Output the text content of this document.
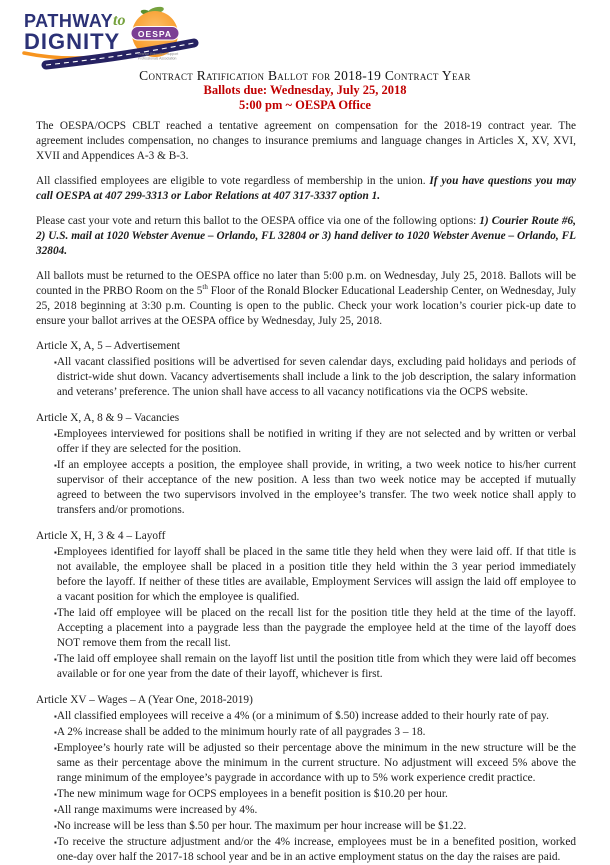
PATHWAY to
DIGNITY OESPA
Orange Education Support
Professionals Association
Contract Ratification Ballot for 2018-19 Contract Year
Ballots due: Wednesday, July 25, 2018
5:00 pm ~ OESPA Office

The OESPA/OCPS CBLT reached a tentative agreement on compensation for the 2018-19 contract year. The agreement includes compensation, no changes to insurance premiums and language changes in Articles X, XV, XVI, XVII and Appendices A-3 & B-3.

All classified employees are eligible to vote regardless of membership in the union. If you have questions you may call OESPA at 407 299-3313 or Labor Relations at 407 317-3337 option 1.

Please cast your vote and return this ballot to the OESPA office via one of the following options: 1) Courier Route #6, 2) U.S. mail at 1020 Webster Avenue – Orlando, FL 32804 or 3) hand deliver to 1020 Webster Avenue – Orlando, FL 32804.

All ballots must be returned to the OESPA office no later than 5:00 p.m. on Wednesday, July 25, 2018. Ballots will be counted in the PRBO Room on the 5th Floor of the Ronald Blocker Educational Leadership Center, on Wednesday, July 25, 2018 beginning at 3:30 p.m. Counting is open to the public. Check your work location’s courier pick-up date to ensure your ballot arrives at the OESPA office by Wednesday, July 25, 2018.

Article X, A, 5 – Advertisement
▪ All vacant classified positions will be advertised for seven calendar days, excluding paid holidays and periods of district-wide shut down. Vacancy advertisements shall include a link to the job description, the salary information and veterans’ preference. The union shall have access to all vacancy notifications via the OCPS website.
Article X, A, 8 & 9 – Vacancies
▪ Employees interviewed for positions shall be notified in writing if they are not selected and by written or verbal offer if they are selected for the position.
▪ If an employee accepts a position, the employee shall provide, in writing, a two week notice to his/her current supervisor of their acceptance of the new position. A less than two week notice may be accepted if mutually agreed to between the two supervisors involved in the employee’s transfer. The two week notice shall apply to transfers and/or promotions.
Article X, H, 3 & 4 – Layoff
▪ Employees identified for layoff shall be placed in the same title they held when they were laid off. If that title is not available, the employee shall be placed in a position title they held within the 3 year period immediately before the layoff. If neither of these titles are available, Employment Services will assign the laid off employee to a vacant position for which the employee is qualified.
▪ The laid off employee will be placed on the recall list for the position title they held at the time of the layoff. Accepting a placement into a paygrade less than the paygrade the employee held at the time of the layoff does NOT remove them from the recall list.
▪ The laid off employee shall remain on the layoff list until the position title from which they were laid off becomes available or for one year from the date of their layoff, whichever is first.
Article XV – Wages – A (Year One, 2018-2019)
▪ All classified employees will receive a 4% (or a minimum of $.50) increase added to their hourly rate of pay.
▪ A 2% increase shall be added to the minimum hourly rate of all paygrades 3 – 18.
▪ Employee’s hourly rate will be adjusted so their percentage above the minimum in the new structure will be the same as their percentage above the minimum in the current structure. No adjustment will exceed 5% above the range minimum of the employee’s paygrade in accordance with up to 5% work experience credit practice.
▪ The new minimum wage for OCPS employees in a benefit position is $10.20 per hour.
▪ All range maximums were increased by 4%.
▪ No increase will be less than $.50 per hour. The maximum per hour increase will be $1.22.
▪ To receive the structure adjustment and/or the 4% increase, employees must be in a benefited position, worked one-day over half the 2017-18 school year and be in an active employment status on the day the raises are paid.
